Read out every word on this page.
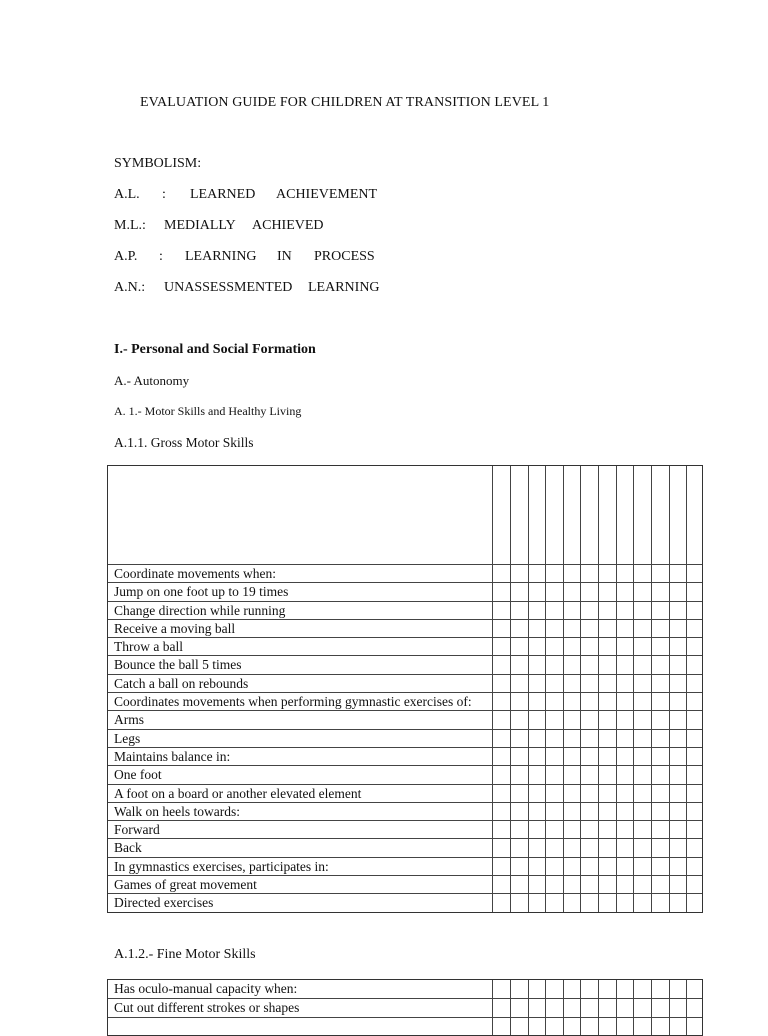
EVALUATION GUIDE FOR CHILDREN AT TRANSITION LEVEL 1
SYMBOLISM:
A.L. : LEARNED ACHIEVEMENT
M.L.: MEDIALLY ACHIEVED
A.P. : LEARNING IN PROCESS
A.N.: UNASSESSMENTED LEARNING
I.- Personal and Social Formation
A.- Autonomy
A. 1.- Motor Skills and Healthy Living
A.1.1. Gross Motor Skills
Coordinate movements when:
Jump on one foot up to 19 times
Change direction while running
Receive a moving ball
Throw a ball
Bounce the ball 5 times
Catch a ball on rebounds
Coordinates movements when performing gymnastic exercises of:
Arms
Legs
Maintains balance in:
One foot
A foot on a board or another elevated element
Walk on heels towards:
Forward
Back
In gymnastics exercises, participates in:
Games of great movement
Directed exercises
A.1.2.- Fine Motor Skills
Has oculo-manual capacity when:
Cut out different strokes or shapes
